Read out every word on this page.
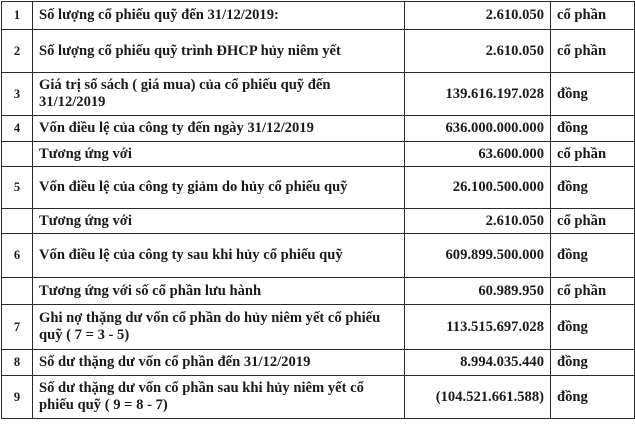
1	Số lượng cổ phiếu quỹ đến 31/12/2019:	2.610.050	cổ phần
2	Số lượng cổ phiếu quỹ trình ĐHCP hủy niêm yết	2.610.050	cổ phần
3	Giá trị sổ sách ( giá mua) của cổ phiếu quỹ đến 31/12/2019	139.616.197.028	đồng
4	Vốn điều lệ của công ty đến ngày 31/12/2019	636.000.000.000	đồng
	Tương ứng với	63.600.000	cổ phần
5	Vốn điều lệ của công ty giảm do hủy cổ phiếu quỹ	26.100.500.000	đồng
	Tương ứng với	2.610.050	cổ phần
6	Vốn điều lệ của công ty sau khi hủy cổ phiếu quỹ	609.899.500.000	đồng
	Tương ứng với số cổ phần lưu hành	60.989.950	cổ phần
7	Ghi nợ thặng dư vốn cổ phần do hủy niêm yết cổ phiếu quỹ ( 7 = 3 - 5)	113.515.697.028	đồng
8	Số dư thặng dư vốn cổ phần đến 31/12/2019	8.994.035.440	đồng
9	Số dư thặng dư vốn cổ phần sau khi hủy niêm yết cổ phiếu quỹ ( 9 = 8 - 7)	(104.521.661.588)	đồng
